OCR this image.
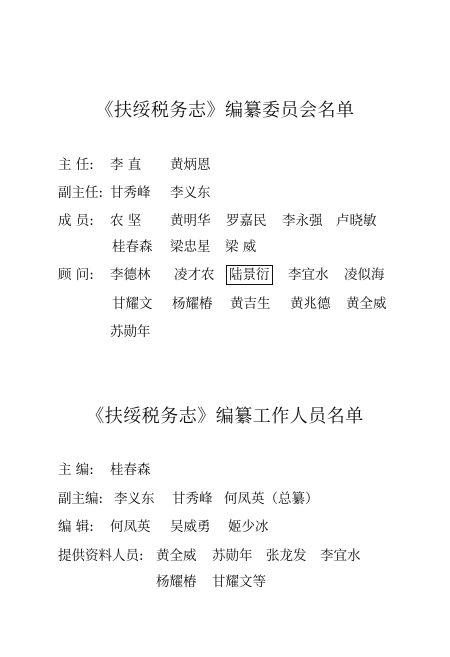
《扶绥税务志》编纂委员会名单
主 任: 李 直 黄炳恩
副主任: 甘秀峰 李义东
成 员: 农 坚 黄明华 罗嘉民 李永强 卢晓敏
桂春森 梁忠星 梁 威
顾 问: 李德林 凌才农 陆景衍 李宜水 凌似海
甘耀文 杨耀椿 黄吉生 黄兆德 黄全威
苏勋年
《扶绥税务志》编纂工作人员名单
主 编: 桂春森
副主编: 李义东 甘秀峰 何凤英（总纂）
编 辑: 何凤英 吴威勇 姬少冰
提供资料人员: 黄全威 苏勋年 张龙发 李宜水
杨耀椿 甘耀文等
